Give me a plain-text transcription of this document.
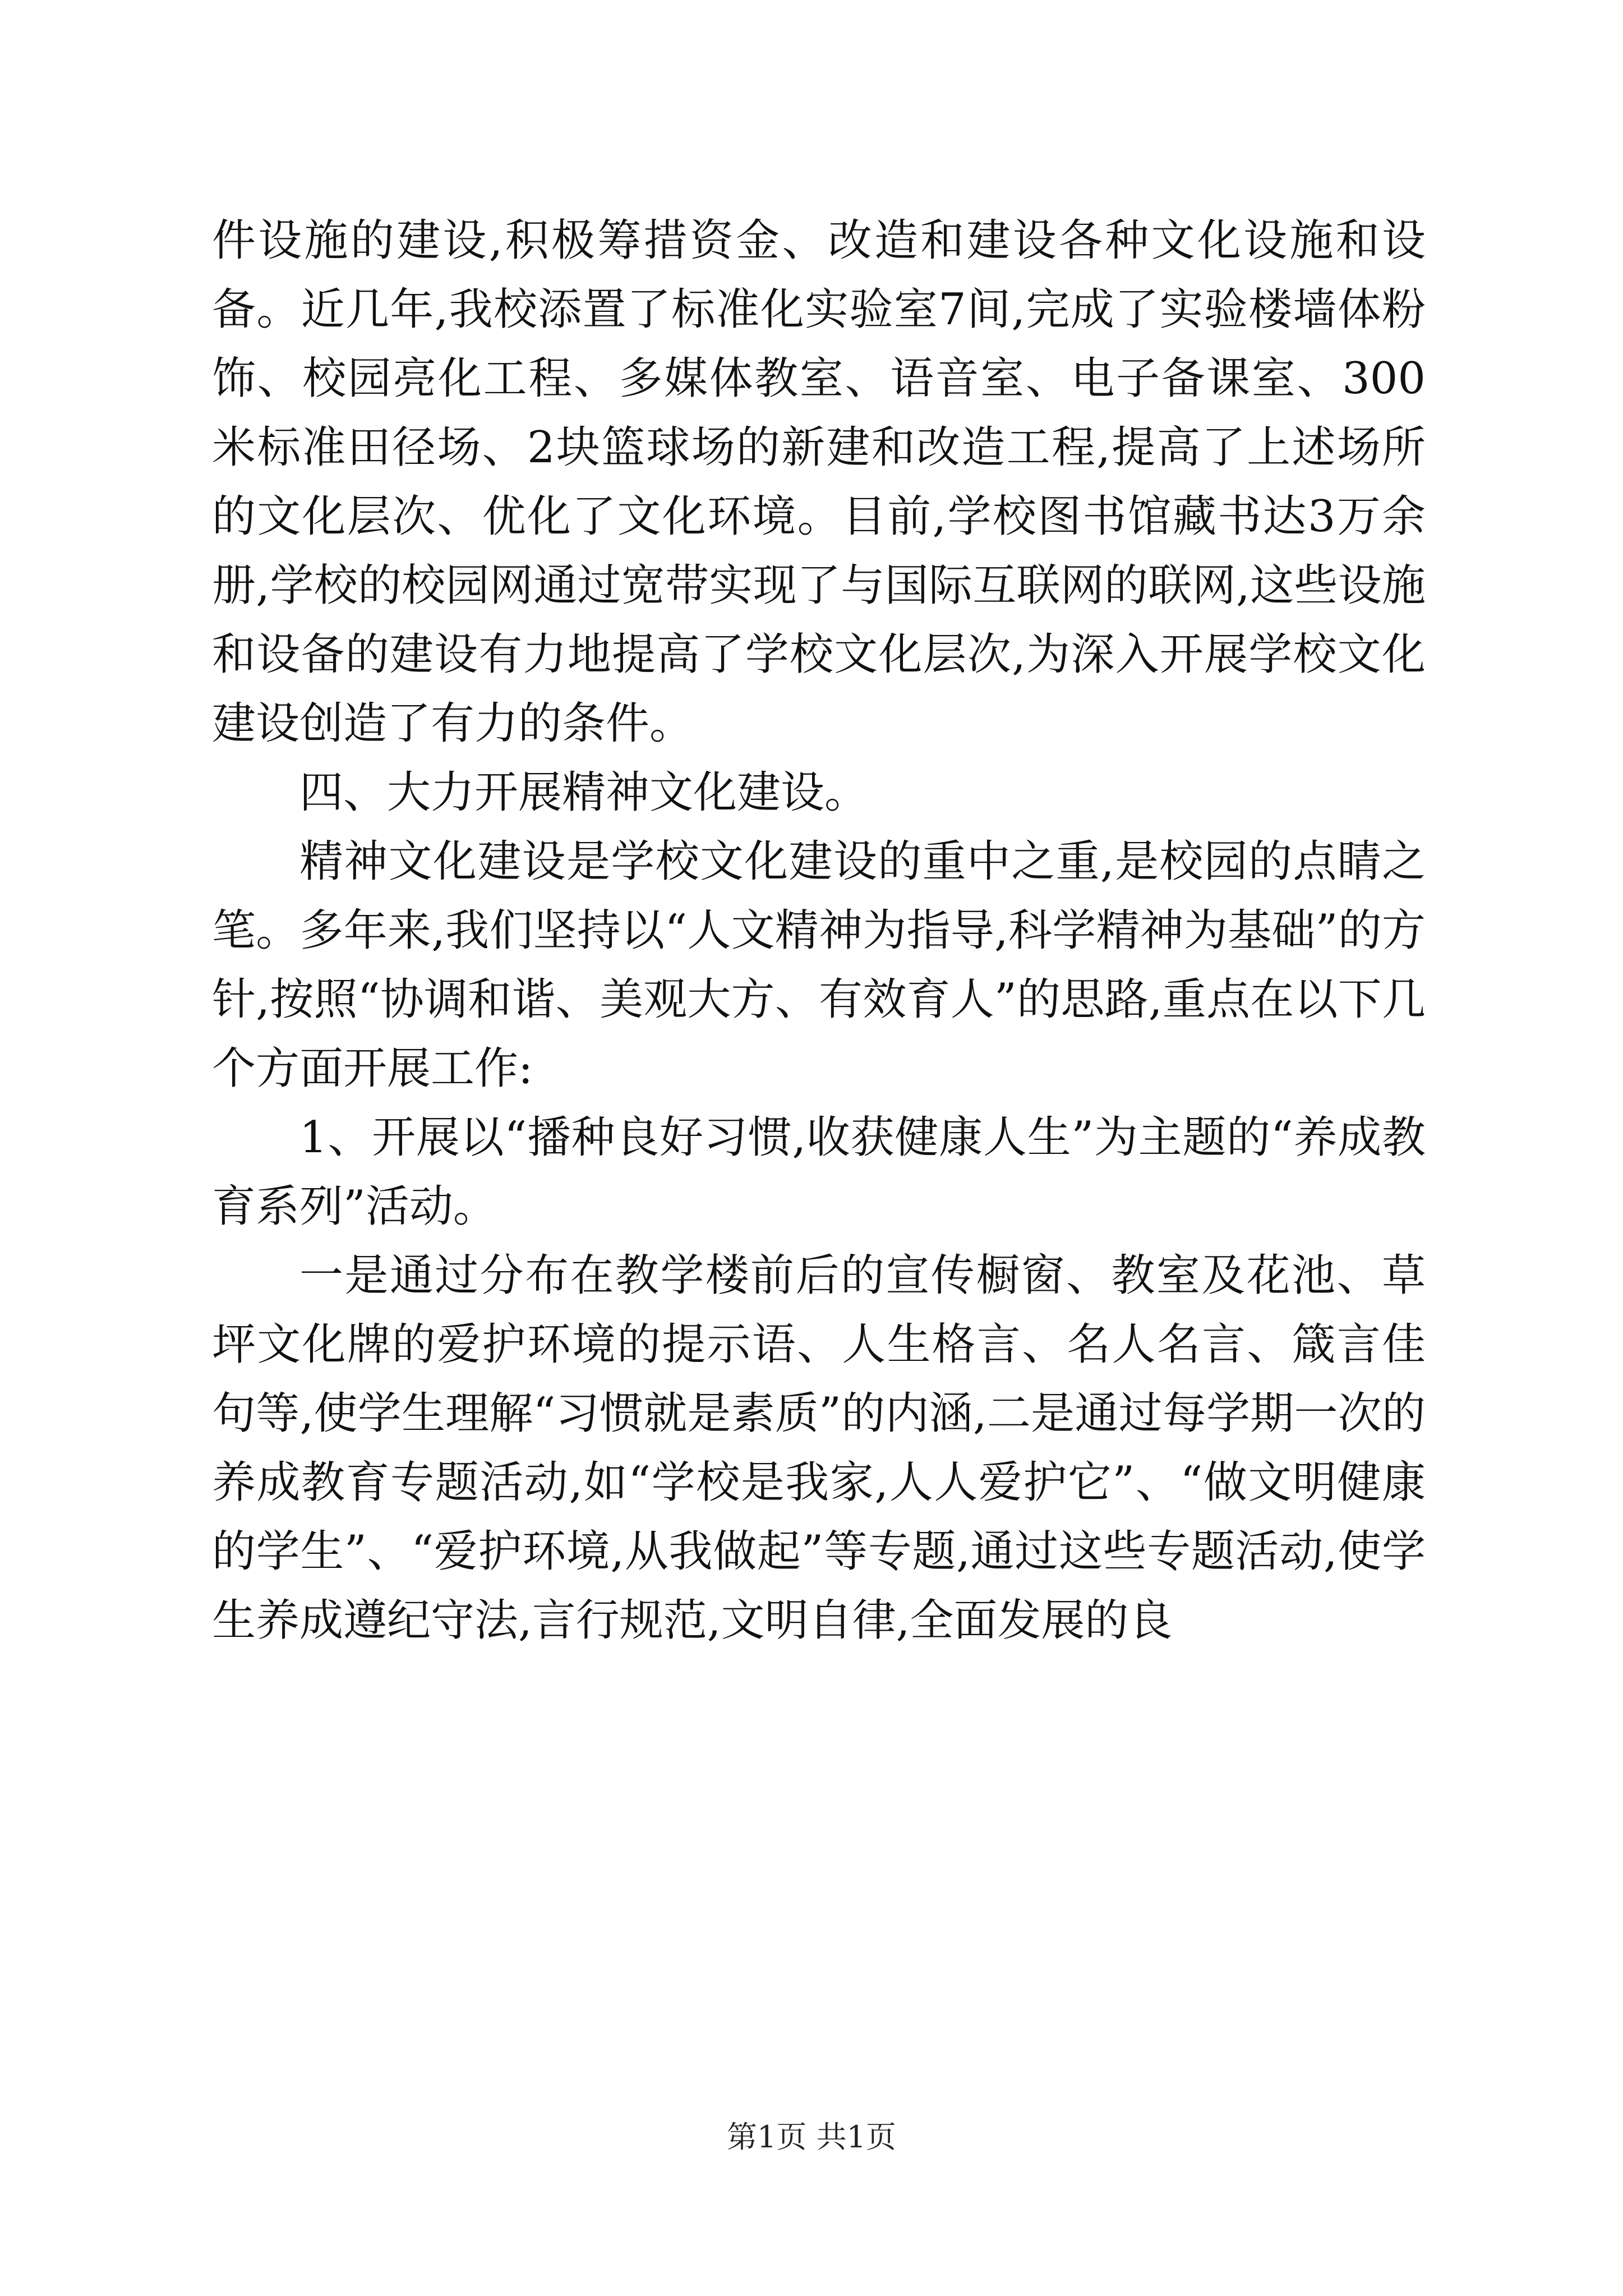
件设施的建设,积极筹措资金、改造和建设各种文化设施和设备。近几年,我校添置了标准化实验室7间,完成了实验楼墙体粉饰、校园亮化工程、多媒体教室、语音室、电子备课室、300米标准田径场、2块篮球场的新建和改造工程,提高了上述场所的文化层次、优化了文化环境。目前,学校图书馆藏书达3万余册,学校的校园网通过宽带实现了与国际互联网的联网,这些设施和设备的建设有力地提高了学校文化层次,为深入开展学校文化建设创造了有力的条件。

四、大力开展精神文化建设。

精神文化建设是学校文化建设的重中之重,是校园的点睛之笔。多年来,我们坚持以“人文精神为指导,科学精神为基础”的方针,按照“协调和谐、美观大方、有效育人”的思路,重点在以下几个方面开展工作:

1、开展以“播种良好习惯,收获健康人生”为主题的“养成教育系列”活动。

一是通过分布在教学楼前后的宣传橱窗、教室及花池、草坪文化牌的爱护环境的提示语、人生格言、名人名言、箴言佳句等,使学生理解“习惯就是素质”的内涵,二是通过每学期一次的养成教育专题活动,如“学校是我家,人人爱护它”、“做文明健康的学生”、“爱护环境,从我做起”等专题,通过这些专题活动,使学生养成遵纪守法,言行规范,文明自律,全面发展的良

第1页 共1页
